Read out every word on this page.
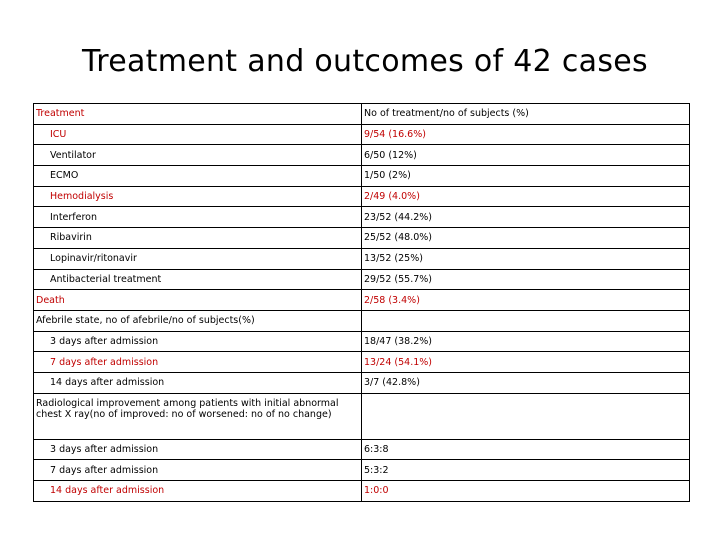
Treatment and outcomes of 42 cases
Treatment	No of treatment/no of subjects (%)
ICU	9/54 (16.6%)
Ventilator	6/50 (12%)
ECMO	1/50 (2%)
Hemodialysis	2/49 (4.0%)
Interferon	23/52 (44.2%)
Ribavirin	25/52 (48.0%)
Lopinavir/ritonavir	13/52 (25%)
Antibacterial treatment	29/52 (55.7%)
Death	2/58 (3.4%)
Afebrile state, no of afebrile/no of subjects(%)	
3 days after admission	18/47 (38.2%)
7 days after admission	13/24 (54.1%)
14 days after admission	3/7 (42.8%)
Radiological improvement among patients with initial abnormal chest X ray(no of improved: no of worsened: no of no change)	
3 days after admission	6:3:8
7 days after admission	5:3:2
14 days after admission	1:0:0
